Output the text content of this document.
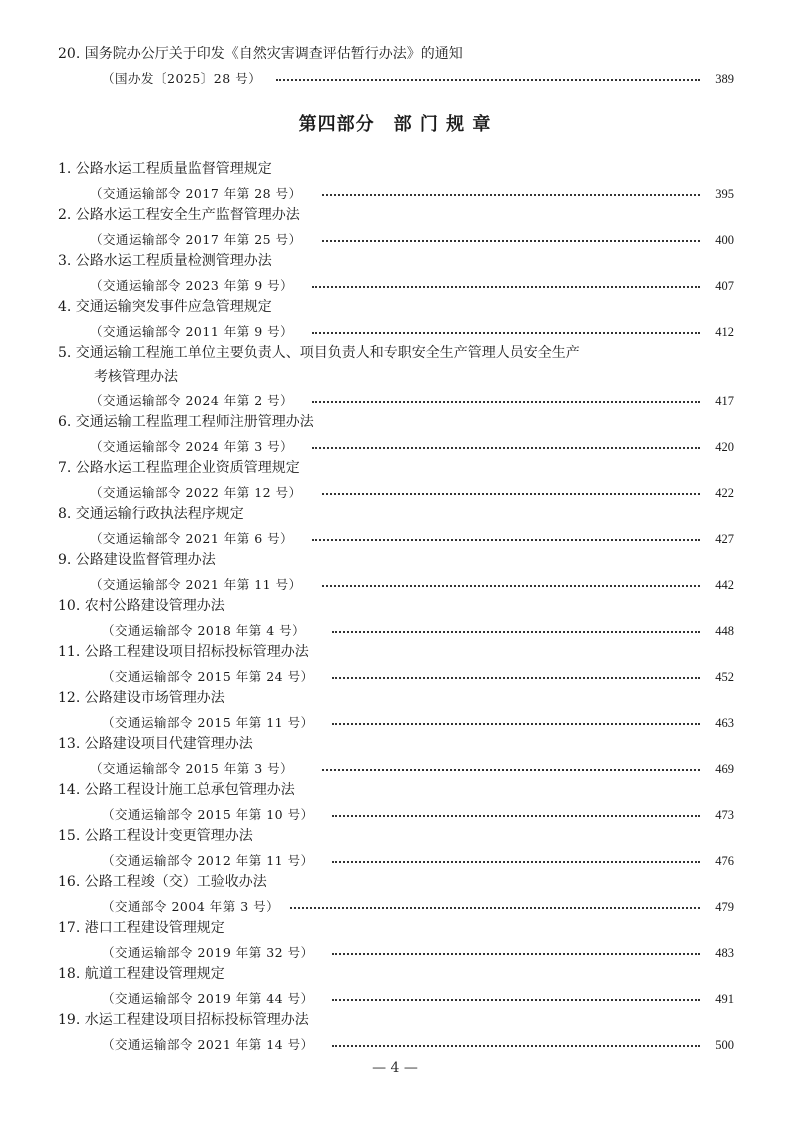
20. 国务院办公厅关于印发《自然灾害调查评估暂行办法》的通知
（国办发〔2025〕28 号）	389
1. 公路水运工程质量监督管理规定
（交通运输部令 2017 年第 28 号）	395
2. 公路水运工程安全生产监督管理办法
（交通运输部令 2017 年第 25 号）	400
3. 公路水运工程质量检测管理办法
（交通运输部令 2023 年第 9 号）	407
4. 交通运输突发事件应急管理规定
（交通运输部令 2011 年第 9 号）	412
5. 交通运输工程施工单位主要负责人、项目负责人和专职安全生产管理人员安全生产
考核管理办法
（交通运输部令 2024 年第 2 号）	417
6. 交通运输工程监理工程师注册管理办法
（交通运输部令 2024 年第 3 号）	420
7. 公路水运工程监理企业资质管理规定
（交通运输部令 2022 年第 12 号）	422
8. 交通运输行政执法程序规定
（交通运输部令 2021 年第 6 号）	427
9. 公路建设监督管理办法
（交通运输部令 2021 年第 11 号）	442
10. 农村公路建设管理办法
（交通运输部令 2018 年第 4 号）	448
11. 公路工程建设项目招标投标管理办法
（交通运输部令 2015 年第 24 号）	452
12. 公路建设市场管理办法
（交通运输部令 2015 年第 11 号）	463
13. 公路建设项目代建管理办法
（交通运输部令 2015 年第 3 号）	469
14. 公路工程设计施工总承包管理办法
（交通运输部令 2015 年第 10 号）	473
15. 公路工程设计变更管理办法
（交通运输部令 2012 年第 11 号）	476
16. 公路工程竣（交）工验收办法
（交通部令 2004 年第 3 号）	479
17. 港口工程建设管理规定
（交通运输部令 2019 年第 32 号）	483
18. 航道工程建设管理规定
（交通运输部令 2019 年第 44 号）	491
19. 水运工程建设项目招标投标管理办法
（交通运输部令 2021 年第 14 号）	500
第四部分　部 门 规 章
— 4 —
